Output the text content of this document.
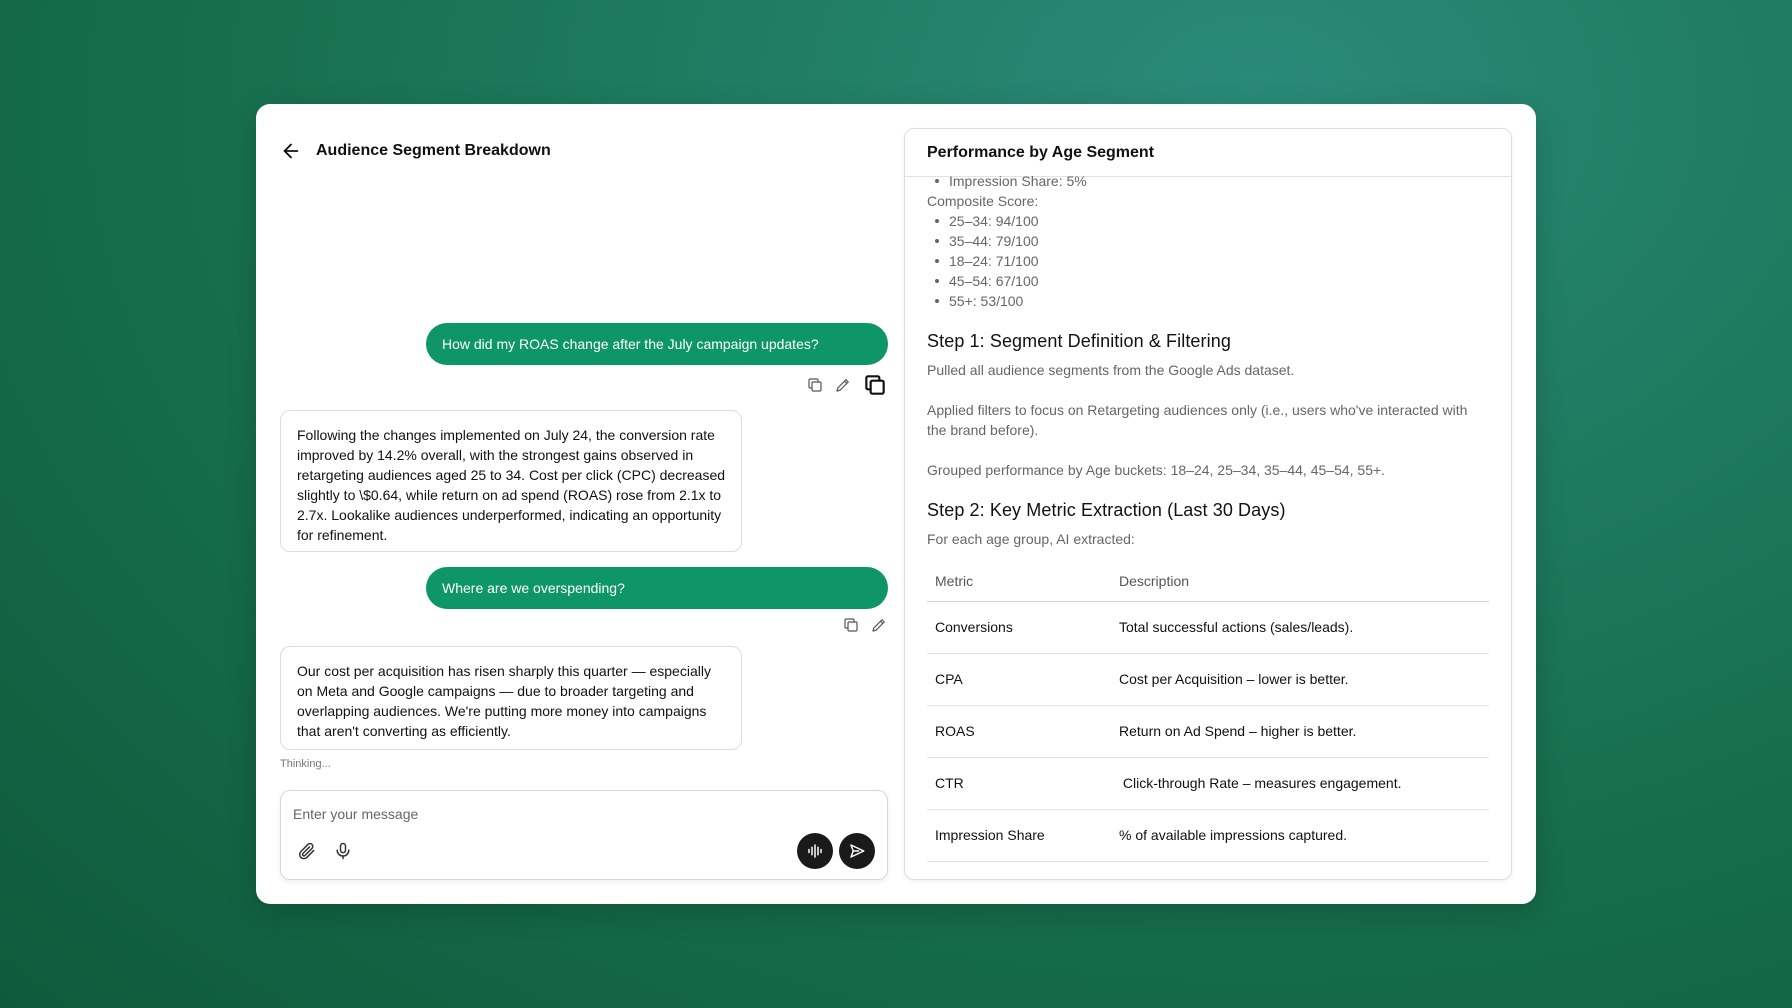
Audience Segment Breakdown
How did my ROAS change after the July campaign updates?
Following the changes implemented on July 24, the conversion rate improved by 14.2% overall, with the strongest gains observed in retargeting audiences aged 25 to 34. Cost per click (CPC) decreased slightly to \$0.64, while return on ad spend (ROAS) rose from 2.1x to 2.7x. Lookalike audiences underperformed, indicating an opportunity for refinement.
Where are we overspending?
Our cost per acquisition has risen sharply this quarter — especially on Meta and Google campaigns — due to broader targeting and overlapping audiences. We're putting more money into campaigns that aren't converting as efficiently.
Thinking...
Enter your message
Performance by Age Segment
Impression Share: 5%
Composite Score:
25–34: 94/100
35–44: 79/100
18–24: 71/100
45–54: 67/100
55+: 53/100
Step 1: Segment Definition & Filtering
Pulled all audience segments from the Google Ads dataset.
Applied filters to focus on Retargeting audiences only (i.e., users who've interacted with the brand before).
Grouped performance by Age buckets: 18–24, 25–34, 35–44, 45–54, 55+.
Step 2: Key Metric Extraction (Last 30 Days)
For each age group, AI extracted:
Metric	Description
Conversions	Total successful actions (sales/leads).
CPA	Cost per Acquisition – lower is better.
ROAS	Return on Ad Spend – higher is better.
CTR	Click-through Rate – measures engagement.
Impression Share	% of available impressions captured.
